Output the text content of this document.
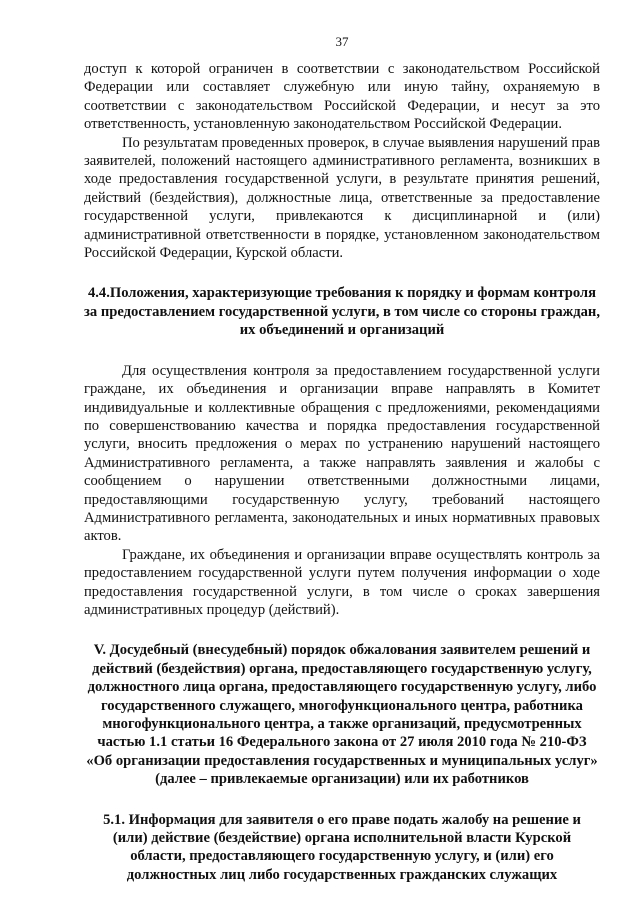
37

доступ к которой ограничен в соответствии с законодательством Российской Федерации или составляет служебную или иную тайну, охраняемую в соответствии с законодательством Российской Федерации, и несут за это ответственность, установленную законодательством Российской Федерации.

По результатам проведенных проверок, в случае выявления нарушений прав заявителей, положений настоящего административного регламента, возникших в ходе предоставления государственной услуги, в результате принятия решений, действий (бездействия), должностные лица, ответственные за предоставление государственной услуги, привлекаются к дисциплинарной и (или) административной ответственности в порядке, установленном законодательством Российской Федерации, Курской области.

4.4.Положения, характеризующие требования к порядку и формам контроля за предоставлением государственной услуги, в том числе со стороны граждан, их объединений и организаций

Для осуществления контроля за предоставлением государственной услуги граждане, их объединения и организации вправе направлять в Комитет индивидуальные и коллективные обращения с предложениями, рекомендациями по совершенствованию качества и порядка предоставления государственной услуги, вносить предложения о мерах по устранению нарушений настоящего Административного регламента, а также направлять заявления и жалобы с сообщением о нарушении ответственными должностными лицами, предоставляющими государственную услугу, требований настоящего Административного регламента, законодательных и иных нормативных правовых актов.

Граждане, их объединения и организации вправе осуществлять контроль за предоставлением государственной услуги путем получения информации о ходе предоставления государственной услуги, в том числе о сроках завершения административных процедур (действий).

V. Досудебный (внесудебный) порядок обжалования заявителем решений и действий (бездействия) органа, предоставляющего государственную услугу, должностного лица органа, предоставляющего государственную услугу, либо государственного служащего, многофункционального центра, работника многофункционального центра, а также организаций, предусмотренных частью 1.1 статьи 16 Федерального закона от 27 июля 2010 года № 210-ФЗ «Об организации предоставления государственных и муниципальных услуг» (далее – привлекаемые организации) или их работников

5.1. Информация для заявителя о его праве подать жалобу на решение и (или) действие (бездействие) органа исполнительной власти Курской области, предоставляющего государственную услугу, и (или) его должностных лиц либо государственных гражданских служащих
